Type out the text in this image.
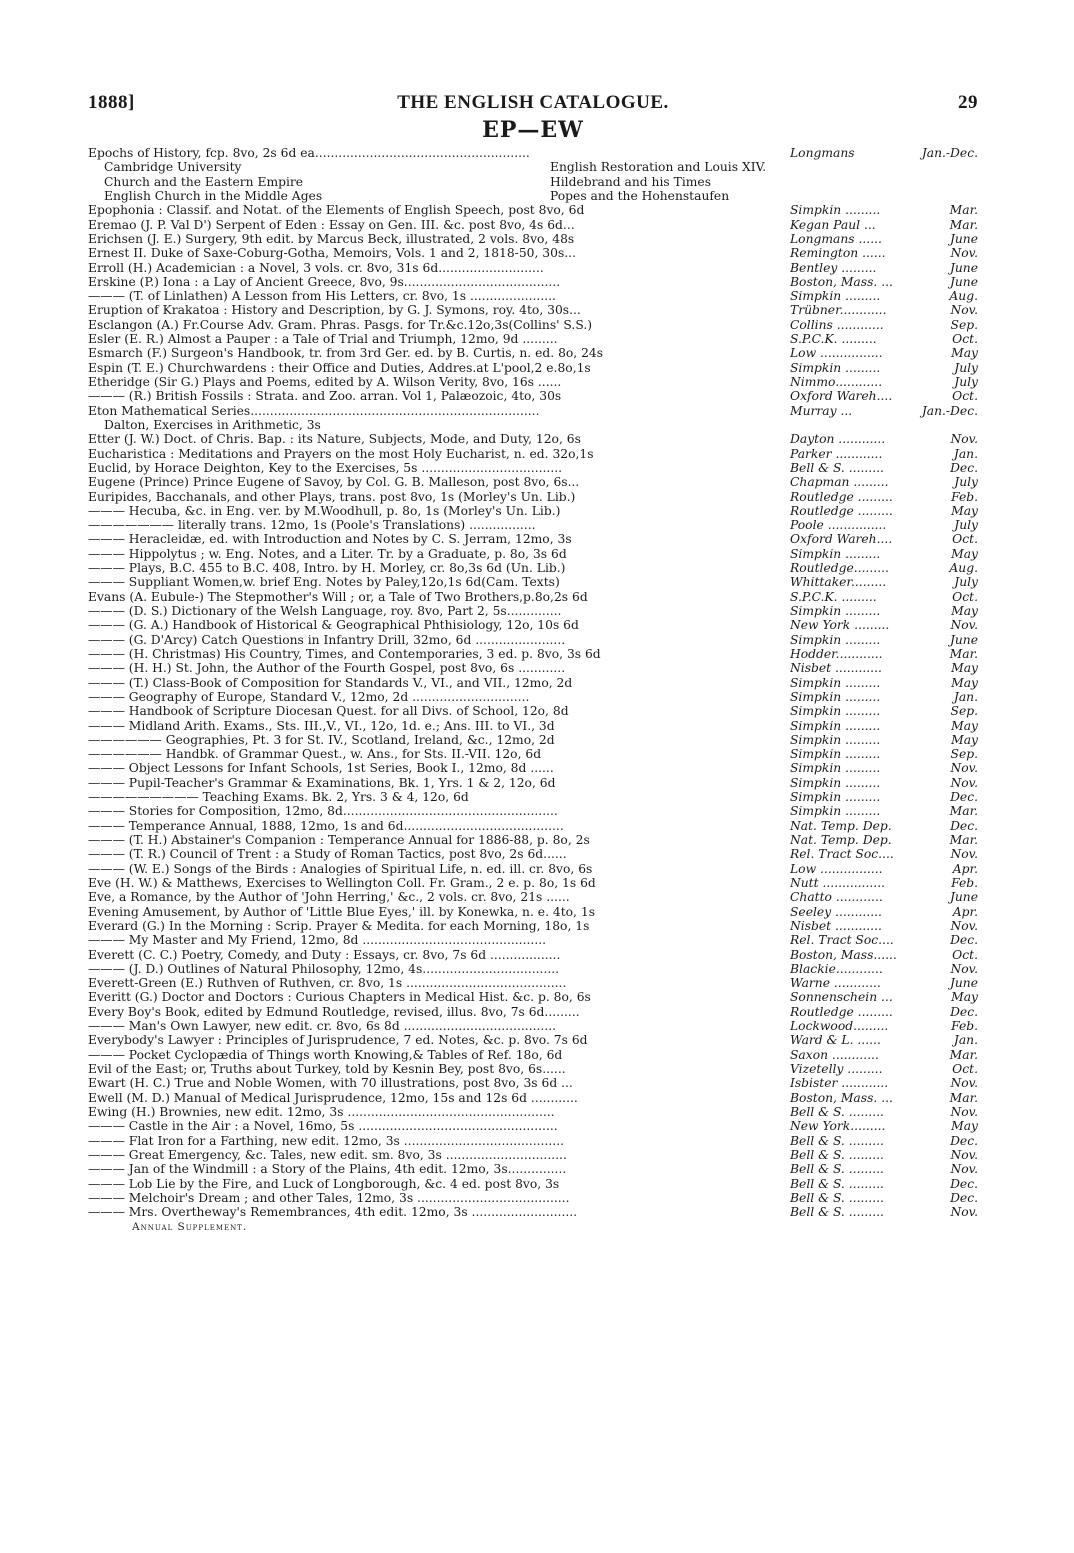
1888]	THE ENGLISH CATALOGUE.	29
EP—EW
Epochs of History, fcp. 8vo, 2s 6d ea.......................................................	Longmans	Jan.-Dec.
Cambridge University	English Restoration and Louis XIV.
Church and the Eastern Empire	Hildebrand and his Times
English Church in the Middle Ages	Popes and the Hohenstaufen
Epophonia : Classif. and Notat. of the Elements of English Speech, post 8vo, 6d	Simpkin .........	Mar.
Eremao (J. P. Val D') Serpent of Eden : Essay on Gen. III. &c. post 8vo, 4s 6d...	Kegan Paul ...	Mar.
Erichsen (J. E.) Surgery, 9th edit. by Marcus Beck, illustrated, 2 vols. 8vo, 48s	Longmans ......	June
Ernest II. Duke of Saxe-Coburg-Gotha, Memoirs, Vols. 1 and 2, 1818-50, 30s...	Remington ......	Nov.
Erroll (H.) Academician : a Novel, 3 vols. cr. 8vo, 31s 6d...........................	Bentley .........	June
Erskine (P.) Iona : a Lay of Ancient Greece, 8vo, 9s........................................	Boston, Mass. ...	June
——— (T. of Linlathen) A Lesson from His Letters, cr. 8vo, 1s ......................	Simpkin .........	Aug.
Eruption of Krakatoa : History and Description, by G. J. Symons, roy. 4to, 30s...	Trübner............	Nov.
Esclangon (A.) Fr.Course Adv. Gram. Phras. Pasgs. for Tr.&c.12o,3s(Collins' S.S.)	Collins ............	Sep.
Esler (E. R.) Almost a Pauper : a Tale of Trial and Triumph, 12mo, 9d .........	S.P.C.K. .........	Oct.
Esmarch (F.) Surgeon's Handbook, tr. from 3rd Ger. ed. by B. Curtis, n. ed. 8o, 24s	Low ................	May
Espin (T. E.) Churchwardens : their Office and Duties, Addres.at L'pool,2 e.8o,1s	Simpkin .........	July
Etheridge (Sir G.) Plays and Poems, edited by A. Wilson Verity, 8vo, 16s ......	Nimmo............	July
——— (R.) British Fossils : Strata. and Zoo. arran. Vol 1, Palæozoic, 4to, 30s	Oxford Wareh....	Oct.
Eton Mathematical Series..........................................................................	Murray ...	Jan.-Dec.
Dalton, Exercises in Arithmetic, 3s
Etter (J. W.) Doct. of Chris. Bap. : its Nature, Subjects, Mode, and Duty, 12o, 6s	Dayton ............	Nov.
Eucharistica : Meditations and Prayers on the most Holy Eucharist, n. ed. 32o,1s	Parker ............	Jan.
Euclid, by Horace Deighton, Key to the Exercises, 5s ....................................	Bell & S. .........	Dec.
Eugene (Prince) Prince Eugene of Savoy, by Col. G. B. Malleson, post 8vo, 6s...	Chapman .........	July
Euripides, Bacchanals, and other Plays, trans. post 8vo, 1s (Morley's Un. Lib.)	Routledge .........	Feb.
——— Hecuba, &c. in Eng. ver. by M.Woodhull, p. 8o, 1s (Morley's Un. Lib.)	Routledge .........	May
——————— literally trans. 12mo, 1s (Poole's Translations) .................	Poole ...............	July
——— Heracleidæ, ed. with Introduction and Notes by C. S. Jerram, 12mo, 3s	Oxford Wareh....	Oct.
——— Hippolytus ; w. Eng. Notes, and a Liter. Tr. by a Graduate, p. 8o, 3s 6d	Simpkin .........	May
——— Plays, B.C. 455 to B.C. 408, Intro. by H. Morley, cr. 8o,3s 6d (Un. Lib.)	Routledge.........	Aug.
——— Suppliant Women,w. brief Eng. Notes by Paley,12o,1s 6d(Cam. Texts)	Whittaker.........	July
Evans (A. Eubule-) The Stepmother's Will ; or, a Tale of Two Brothers,p.8o,2s 6d	S.P.C.K. .........	Oct.
——— (D. S.) Dictionary of the Welsh Language, roy. 8vo, Part 2, 5s..............	Simpkin .........	May
——— (G. A.) Handbook of Historical & Geographical Phthisiology, 12o, 10s 6d	New York .........	Nov.
——— (G. D'Arcy) Catch Questions in Infantry Drill, 32mo, 6d .......................	Simpkin .........	June
——— (H. Christmas) His Country, Times, and Contemporaries, 3 ed. p. 8vo, 3s 6d	Hodder............	Mar.
——— (H. H.) St. John, the Author of the Fourth Gospel, post 8vo, 6s ............	Nisbet ............	May
——— (T.) Class-Book of Composition for Standards V., VI., and VII., 12mo, 2d	Simpkin .........	May
——— Geography of Europe, Standard V., 12mo, 2d ..............................	Simpkin .........	Jan.
——— Handbook of Scripture Diocesan Quest. for all Divs. of School, 12o, 8d	Simpkin .........	Sep.
——— Midland Arith. Exams., Sts. III.,V., VI., 12o, 1d. e.; Ans. III. to VI., 3d	Simpkin .........	May
—————— Geographies, Pt. 3 for St. IV., Scotland, Ireland, &c., 12mo, 2d	Simpkin .........	May
—————— Handbk. of Grammar Quest., w. Ans., for Sts. II.-VII. 12o, 6d	Simpkin .........	Sep.
——— Object Lessons for Infant Schools, 1st Series, Book I., 12mo, 8d ......	Simpkin .........	Nov.
——— Pupil-Teacher's Grammar & Examinations, Bk. 1, Yrs. 1 & 2, 12o, 6d	Simpkin .........	Nov.
————————— Teaching Exams. Bk. 2, Yrs. 3 & 4, 12o, 6d	Simpkin .........	Dec.
——— Stories for Composition, 12mo, 8d.......................................................	Simpkin .........	Mar.
——— Temperance Annual, 1888, 12mo, 1s and 6d.........................................	Nat. Temp. Dep.	Dec.
——— (T. H.) Abstainer's Companion : Temperance Annual for 1886-88, p. 8o, 2s	Nat. Temp. Dep.	Mar.
——— (T. R.) Council of Trent : a Study of Roman Tactics, post 8vo, 2s 6d......	Rel. Tract Soc....	Nov.
——— (W. E.) Songs of the Birds : Analogies of Spiritual Life, n. ed. ill. cr. 8vo, 6s	Low ................	Apr.
Eve (H. W.) & Matthews, Exercises to Wellington Coll. Fr. Gram., 2 e. p. 8o, 1s 6d	Nutt ................	Feb.
Eve, a Romance, by the Author of 'John Herring,' &c., 2 vols. cr. 8vo, 21s ......	Chatto ............	June
Evening Amusement, by Author of 'Little Blue Eyes,' ill. by Konewka, n. e. 4to, 1s	Seeley ............	Apr.
Everard (G.) In the Morning : Scrip. Prayer & Medita. for each Morning, 18o, 1s	Nisbet ............	Nov.
——— My Master and My Friend, 12mo, 8d ...............................................	Rel. Tract Soc....	Dec.
Everett (C. C.) Poetry, Comedy, and Duty : Essays, cr. 8vo, 7s 6d ..................	Boston, Mass......	Oct.
——— (J. D.) Outlines of Natural Philosophy, 12mo, 4s...................................	Blackie............	Nov.
Everett-Green (E.) Ruthven of Ruthven, cr. 8vo, 1s .........................................	Warne ............	June
Everitt (G.) Doctor and Doctors : Curious Chapters in Medical Hist. &c. p. 8o, 6s	Sonnenschein ...	May
Every Boy's Book, edited by Edmund Routledge, revised, illus. 8vo, 7s 6d.........	Routledge .........	Dec.
——— Man's Own Lawyer, new edit. cr. 8vo, 6s 8d .......................................	Lockwood.........	Feb.
Everybody's Lawyer : Principles of Jurisprudence, 7 ed. Notes, &c. p. 8vo. 7s 6d	Ward & L. ......	Jan.
——— Pocket Cyclopædia of Things worth Knowing,& Tables of Ref. 18o, 6d	Saxon ............	Mar.
Evil of the East; or, Truths about Turkey, told by Kesnin Bey, post 8vo, 6s......	Vizetelly .........	Oct.
Ewart (H. C.) True and Noble Women, with 70 illustrations, post 8vo, 3s 6d ...	Isbister ............	Nov.
Ewell (M. D.) Manual of Medical Jurisprudence, 12mo, 15s and 12s 6d ............	Boston, Mass. ...	Mar.
Ewing (H.) Brownies, new edit. 12mo, 3s .....................................................	Bell & S. .........	Nov.
——— Castle in the Air : a Novel, 16mo, 5s ...................................................	New York.........	May
——— Flat Iron for a Farthing, new edit. 12mo, 3s .........................................	Bell & S. .........	Dec.
——— Great Emergency, &c. Tales, new edit. sm. 8vo, 3s ...............................	Bell & S. .........	Nov.
——— Jan of the Windmill : a Story of the Plains, 4th edit. 12mo, 3s...............	Bell & S. .........	Nov.
——— Lob Lie by the Fire, and Luck of Longborough, &c. 4 ed. post 8vo, 3s	Bell & S. .........	Dec.
——— Melchoir's Dream ; and other Tales, 12mo, 3s .......................................	Bell & S. .........	Dec.
——— Mrs. Overtheway's Remembrances, 4th edit. 12mo, 3s ...........................	Bell & S. .........	Nov.
Annual Supplement.
